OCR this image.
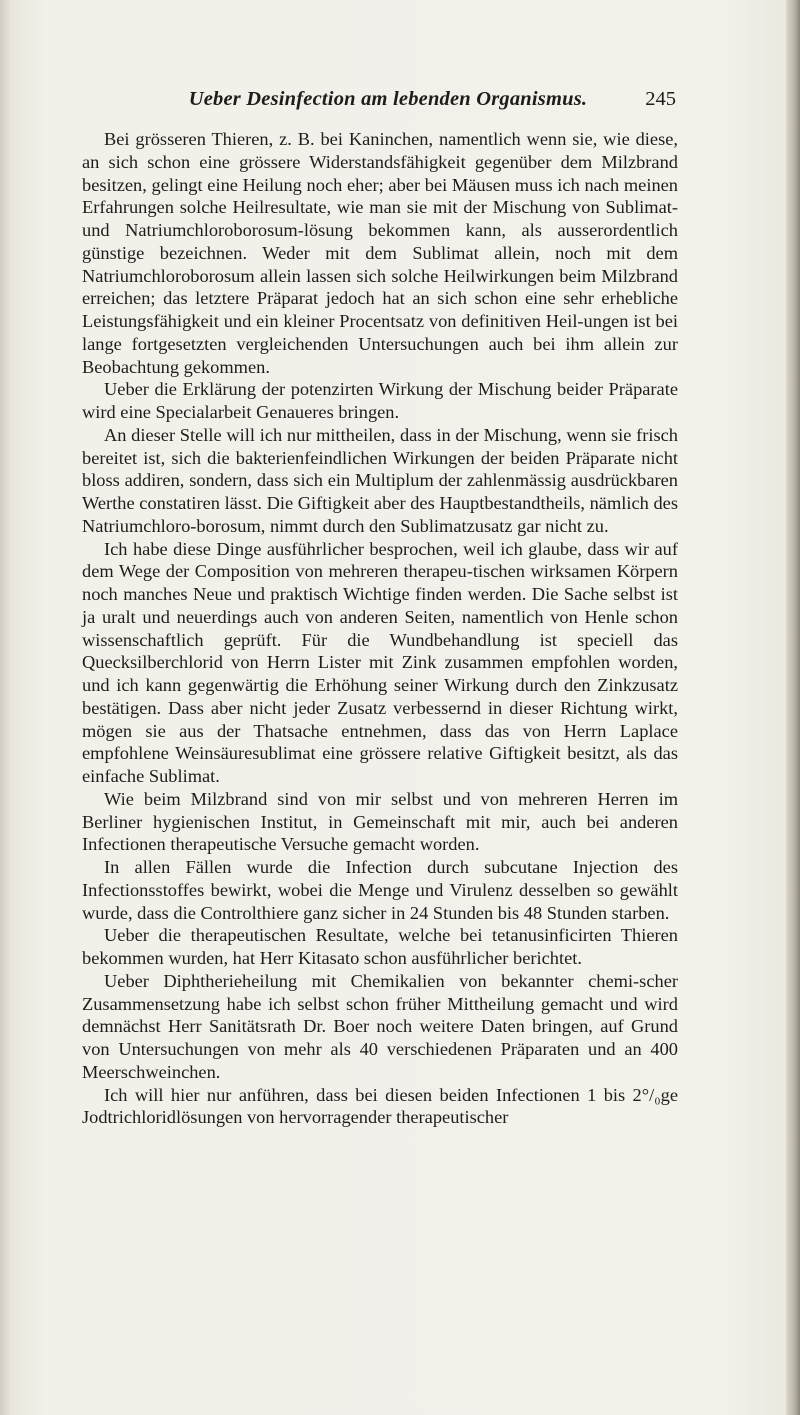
Ueber Desinfection am lebenden Organismus.	245

Bei grösseren Thieren, z. B. bei Kaninchen, namentlich wenn sie, wie diese, an sich schon eine grössere Widerstandsfähigkeit gegenüber dem Milzbrand besitzen, gelingt eine Heilung noch eher; aber bei Mäusen muss ich nach meinen Erfahrungen solche Heilresultate, wie man sie mit der Mischung von Sublimat- und Natriumchloroborosum-lösung bekommen kann, als ausserordentlich günstige bezeichnen. Weder mit dem Sublimat allein, noch mit dem Natriumchloroborosum allein lassen sich solche Heilwirkungen beim Milzbrand erreichen; das letztere Präparat jedoch hat an sich schon eine sehr erhebliche Leistungsfähigkeit und ein kleiner Procentsatz von definitiven Heil-ungen ist bei lange fortgesetzten vergleichenden Untersuchungen auch bei ihm allein zur Beobachtung gekommen.

Ueber die Erklärung der potenzirten Wirkung der Mischung beider Präparate wird eine Specialarbeit Genaueres bringen.

An dieser Stelle will ich nur mittheilen, dass in der Mischung, wenn sie frisch bereitet ist, sich die bakterienfeindlichen Wirkungen der beiden Präparate nicht bloss addiren, sondern, dass sich ein Multiplum der zahlenmässig ausdrückbaren Werthe constatiren lässt. Die Giftigkeit aber des Hauptbestandtheils, nämlich des Natriumchloro-borosum, nimmt durch den Sublimatzusatz gar nicht zu.

Ich habe diese Dinge ausführlicher besprochen, weil ich glaube, dass wir auf dem Wege der Composition von mehreren therapeu-tischen wirksamen Körpern noch manches Neue und praktisch Wichtige finden werden. Die Sache selbst ist ja uralt und neuerdings auch von anderen Seiten, namentlich von Henle schon wissenschaftlich geprüft. Für die Wundbehandlung ist speciell das Quecksilberchlorid von Herrn Lister mit Zink zusammen empfohlen worden, und ich kann gegenwärtig die Erhöhung seiner Wirkung durch den Zinkzusatz bestätigen. Dass aber nicht jeder Zusatz verbessernd in dieser Richtung wirkt, mögen sie aus der Thatsache entnehmen, dass das von Herrn Laplace empfohlene Weinsäuresublimat eine grössere relative Giftigkeit besitzt, als das einfache Sublimat.

Wie beim Milzbrand sind von mir selbst und von mehreren Herren im Berliner hygienischen Institut, in Gemeinschaft mit mir, auch bei anderen Infectionen therapeutische Versuche gemacht worden.

In allen Fällen wurde die Infection durch subcutane Injection des Infectionsstoffes bewirkt, wobei die Menge und Virulenz desselben so gewählt wurde, dass die Controlthiere ganz sicher in 24 Stunden bis 48 Stunden starben.

Ueber die therapeutischen Resultate, welche bei tetanusinficirten Thieren bekommen wurden, hat Herr Kitasato schon ausführlicher berichtet.

Ueber Diphtherieheilung mit Chemikalien von bekannter chemi-scher Zusammensetzung habe ich selbst schon früher Mittheilung gemacht und wird demnächst Herr Sanitätsrath Dr. Boer noch weitere Daten bringen, auf Grund von Untersuchungen von mehr als 40 verschiedenen Präparaten und an 400 Meerschweinchen.

Ich will hier nur anführen, dass bei diesen beiden Infectionen 1 bis 2°/₀ge Jodtrichloridlösungen von hervorragender therapeutischer
